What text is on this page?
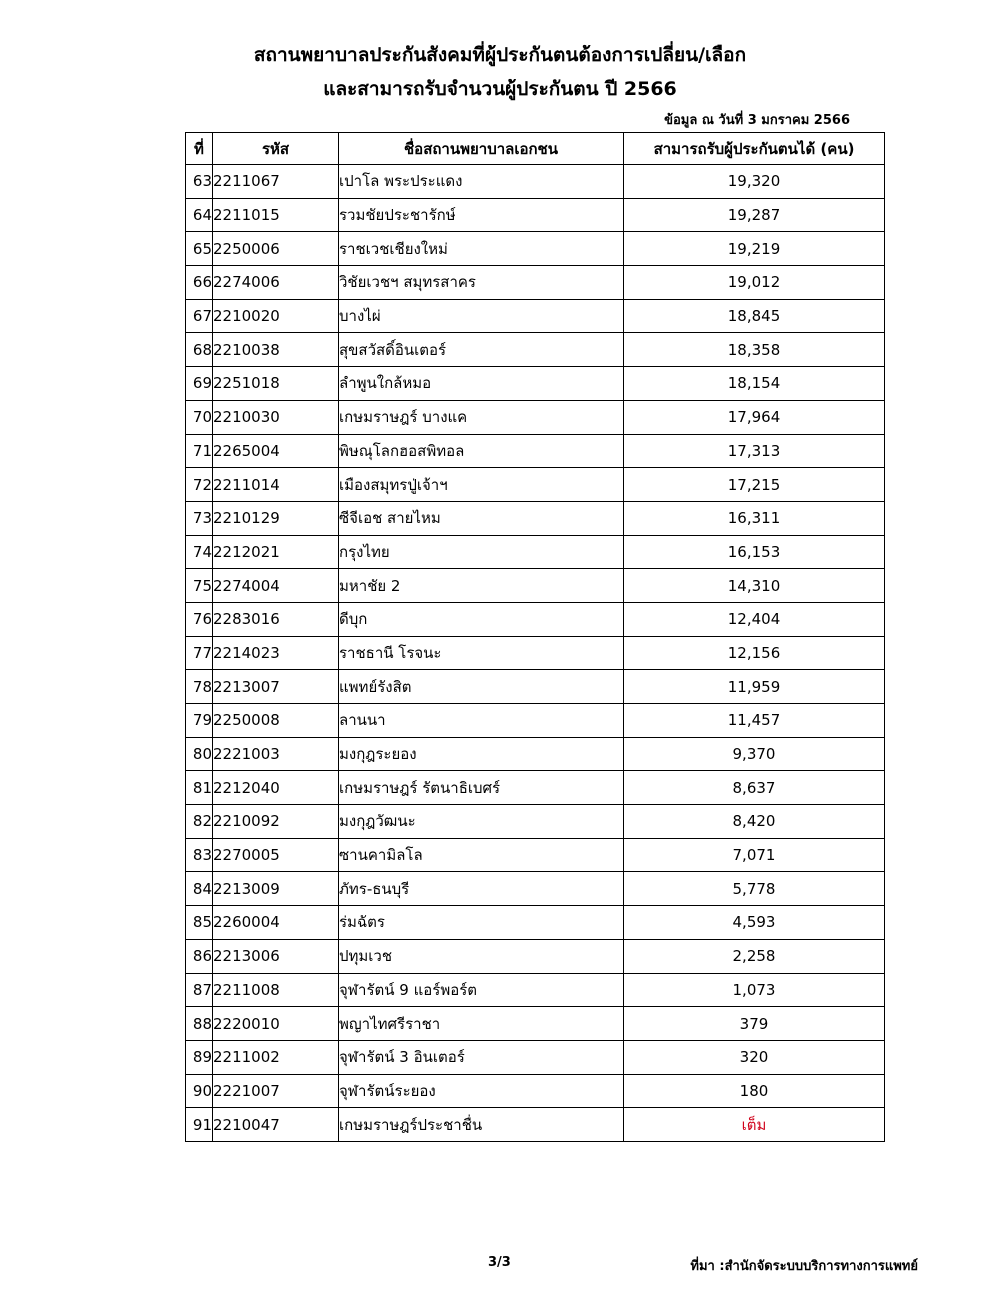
สถานพยาบาลประกันสังคมที่ผู้ประกันตนต้องการเปลี่ยน/เลือก
และสามารถรับจำนวนผู้ประกันตน ปี 2566
ข้อมูล ณ วันที่ 3 มกราคม 2566
ที่	รหัส	ชื่อสถานพยาบาลเอกชน	สามารถรับผู้ประกันตนได้ (คน)
63	2211067	เปาโล พระประแดง	19,320
64	2211015	รวมชัยประชารักษ์	19,287
65	2250006	ราชเวชเชียงใหม่	19,219
66	2274006	วิชัยเวชฯ สมุทรสาคร	19,012
67	2210020	บางไผ่	18,845
68	2210038	สุขสวัสดิ์อินเตอร์	18,358
69	2251018	ลำพูนใกล้หมอ	18,154
70	2210030	เกษมราษฎร์ บางแค	17,964
71	2265004	พิษณุโลกฮอสพิทอล	17,313
72	2211014	เมืองสมุทรปู่เจ้าฯ	17,215
73	2210129	ซีจีเอช สายไหม	16,311
74	2212021	กรุงไทย	16,153
75	2274004	มหาชัย 2	14,310
76	2283016	ดีบุก	12,404
77	2214023	ราชธานี โรจนะ	12,156
78	2213007	แพทย์รังสิต	11,959
79	2250008	ลานนา	11,457
80	2221003	มงกุฎระยอง	9,370
81	2212040	เกษมราษฎร์ รัตนาธิเบศร์	8,637
82	2210092	มงกุฎวัฒนะ	8,420
83	2270005	ซานคามิลโล	7,071
84	2213009	ภัทร-ธนบุรี	5,778
85	2260004	ร่มฉัตร	4,593
86	2213006	ปทุมเวช	2,258
87	2211008	จุฬารัตน์ 9 แอร์พอร์ต	1,073
88	2220010	พญาไทศรีราชา	379
89	2211002	จุฬารัตน์ 3 อินเตอร์	320
90	2221007	จุฬารัตน์ระยอง	180
91	2210047	เกษมราษฎร์ประชาชื่น	เต็ม
3/3	ที่มา :สำนักจัดระบบบริการทางการแพทย์
